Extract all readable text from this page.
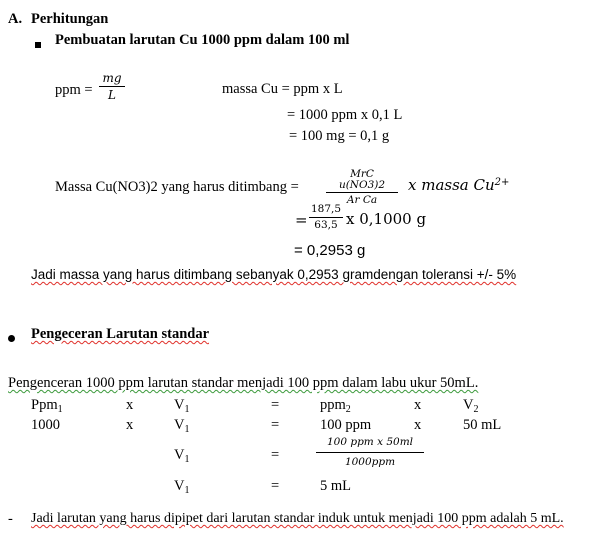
A. Perhitungan
Pembuatan larutan Cu 1000 ppm dalam 100 ml
ppm =
mg
L	massa Cu = ppm x L
= 1000 ppm x 0,1 L
= 100 mg = 0,1 g
Massa Cu(NO3)2 yang harus ditimbang =
MrC u(NO3)2
Ar Ca
x massa $Cu^{2+}$
=
187,5
63,5 x 0,1000 g
= 0,2953 g
Jadi massa yang harus ditimbang sebanyak 0,2953 gramdengan toleransi +/- 5%
Pengeceran Larutan standar
Pengenceran 1000 ppm larutan standar menjadi 100 ppm dalam labu ukur 50mL.
Ppm$_1$	x	$V_1$	=	ppm$_2$	x	$V_2$
1000	x	$V_1$	=	100 ppm	x	50 mL
$V_1$	=
100 ppm x 50ml
1000ppm
$V_1$	=	5 mL
- Jadi larutan yang harus dipipet dari larutan standar induk untuk menjadi 100 ppm adalah 5 mL.
